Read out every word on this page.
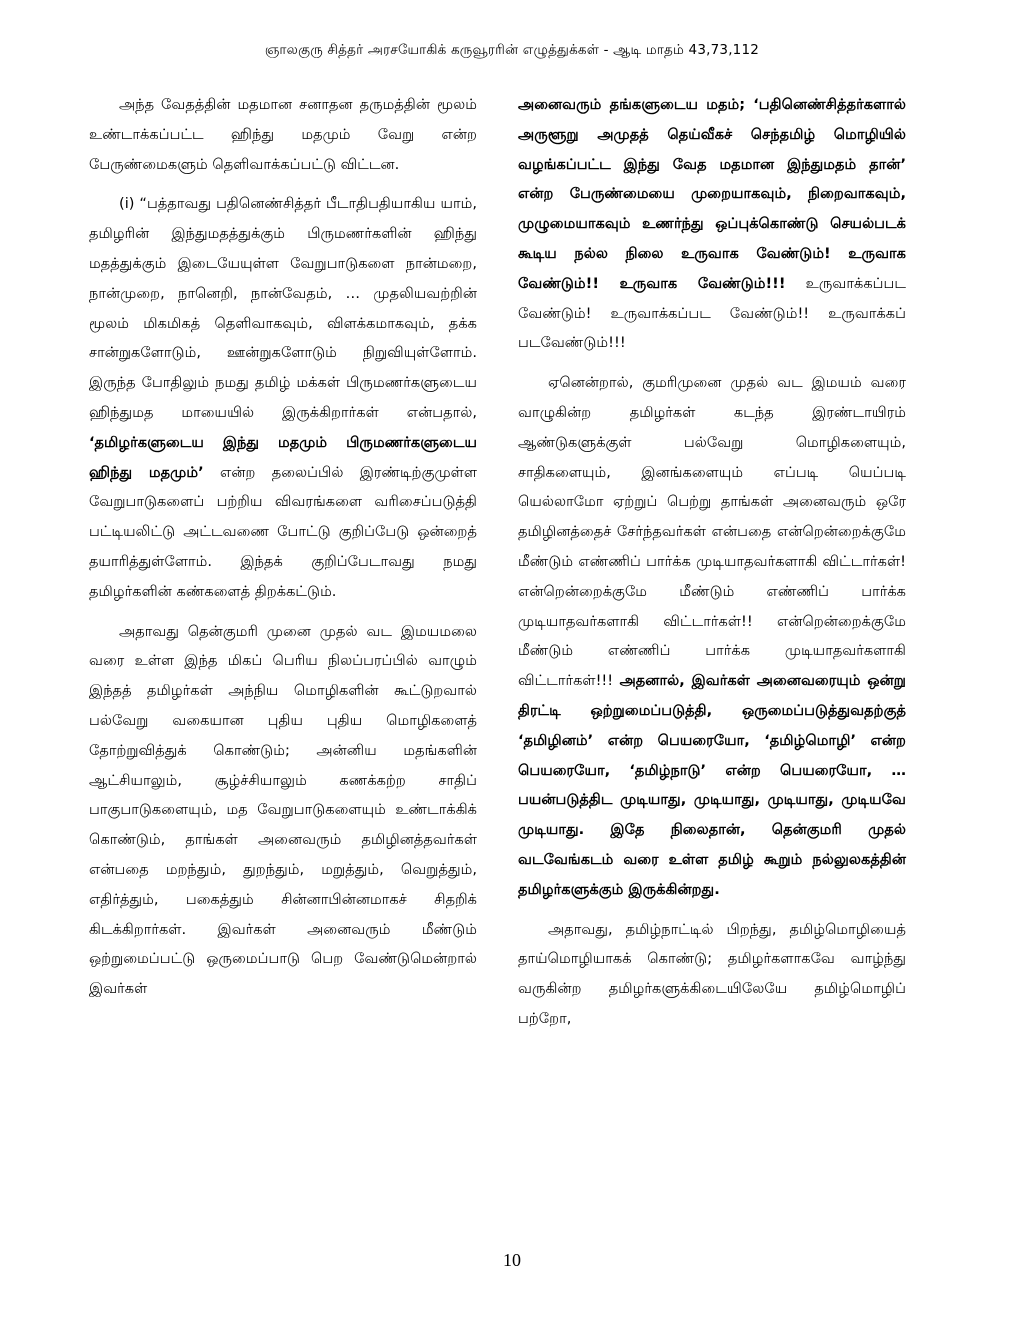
ஞாலகுரு சித்தர் அரசயோகிக் கருவூரரின் எழுத்துக்கள் - ஆடி மாதம் 43,73,112

அந்த வேதத்தின் மதமான சனாதன தருமத்தின் மூலம் உண்டாக்கப்பட்ட ஹிந்து மதமும் வேறு என்ற பேருண்மைகளும் தெளிவாக்கப்பட்டு விட்டன.

(i) “பத்தாவது பதினெண்சித்தர் பீடாதிபதியாகிய யாம், தமிழரின் இந்துமதத்துக்கும் பிருமணர்களின் ஹிந்து மதத்துக்கும் இடையேயுள்ள வேறுபாடுகளை நான்மறை, நான்முறை, நானெறி, நான்வேதம், … முதலியவற்றின் மூலம் மிகமிகத் தெளிவாகவும், விளக்கமாகவும், தக்க சான்றுகளோடும், ஊன்றுகளோடும் நிறுவியுள்ளோம். இருந்த போதிலும் நமது தமிழ் மக்கள் பிருமணர்களுடைய ஹிந்துமத மாயையில் இருக்கிறார்கள் என்பதால், ‘தமிழர்களுடைய இந்து மதமும் பிருமணர்களுடைய ஹிந்து மதமும்’ என்ற தலைப்பில் இரண்டிற்குமுள்ள வேறுபாடுகளைப் பற்றிய விவரங்களை வரிசைப்படுத்தி பட்டியலிட்டு அட்டவணை போட்டு குறிப்பேடு ஒன்றைத் தயாரித்துள்ளோம். இந்தக் குறிப்பேடாவது நமது தமிழர்களின் கண்களைத் திறக்கட்டும்.

அதாவது தென்குமரி முனை முதல் வட இமயமலை வரை உள்ள இந்த மிகப் பெரிய நிலப்பரப்பில் வாழும் இந்தத் தமிழர்கள் அந்நிய மொழிகளின் கூட்டுறவால் பல்வேறு வகையான புதிய புதிய மொழிகளைத் தோற்றுவித்துக் கொண்டும்; அன்னிய மதங்களின் ஆட்சியாலும், சூழ்ச்சியாலும் கணக்கற்ற சாதிப் பாகுபாடுகளையும், மத வேறுபாடுகளையும் உண்டாக்கிக் கொண்டும், தாங்கள் அனைவரும் தமிழினத்தவர்கள் என்பதை மறந்தும், துறந்தும், மறுத்தும், வெறுத்தும், எதிர்த்தும், பகைத்தும் சின்னாபின்னமாகச் சிதறிக் கிடக்கிறார்கள். இவர்கள் அனைவரும் மீண்டும் ஒற்றுமைப்பட்டு ஒருமைப்பாடு பெற வேண்டுமென்றால் இவர்கள்

அனைவரும் தங்களுடைய மதம்; ‘பதினெண்சித்தர்களால் அருளூறு அமுதத் தெய்வீகச் செந்தமிழ் மொழியில் வழங்கப்பட்ட இந்து வேத மதமான இந்துமதம் தான்’ என்ற பேருண்மையை முறையாகவும், நிறைவாகவும், முழுமையாகவும் உணர்ந்து ஒப்புக்கொண்டு செயல்படக் கூடிய நல்ல நிலை உருவாக வேண்டும்! உருவாக வேண்டும்!! உருவாக வேண்டும்!!! உருவாக்கப்பட வேண்டும்! உருவாக்கப்பட வேண்டும்!! உருவாக்கப் படவேண்டும்!!!

ஏனென்றால், குமரிமுனை முதல் வட இமயம் வரை வாழுகின்ற தமிழர்கள் கடந்த இரண்டாயிரம் ஆண்டுகளுக்குள் பல்வேறு மொழிகளையும், சாதிகளையும், இனங்களையும் எப்படி யெப்படி யெல்லாமோ ஏற்றுப் பெற்று தாங்கள் அனைவரும் ஒரே தமிழினத்தைச் சேர்ந்தவர்கள் என்பதை என்றென்றைக்குமே மீண்டும் எண்ணிப் பார்க்க முடியாதவர்களாகி விட்டார்கள்! என்றென்றைக்குமே மீண்டும் எண்ணிப் பார்க்க முடியாதவர்களாகி விட்டார்கள்!! என்றென்றைக்குமே மீண்டும் எண்ணிப் பார்க்க முடியாதவர்களாகி விட்டார்கள்!!! அதனால், இவர்கள் அனைவரையும் ஒன்று திரட்டி ஒற்றுமைப்படுத்தி, ஒருமைப்படுத்துவதற்குத் ‘தமிழினம்’ என்ற பெயரையோ, ‘தமிழ்மொழி’ என்ற பெயரையோ, ‘தமிழ்நாடு’ என்ற பெயரையோ, … பயன்படுத்திட முடியாது, முடியாது, முடியாது, முடியவே முடியாது. இதே நிலைதான், தென்குமரி முதல் வடவேங்கடம் வரை உள்ள தமிழ் கூறும் நல்லுலகத்தின் தமிழர்களுக்கும் இருக்கின்றது.

அதாவது, தமிழ்நாட்டில் பிறந்து, தமிழ்மொழியைத் தாய்மொழியாகக் கொண்டு; தமிழர்களாகவே வாழ்ந்து வருகின்ற தமிழர்களுக்கிடையிலேயே தமிழ்மொழிப் பற்றோ,

10
